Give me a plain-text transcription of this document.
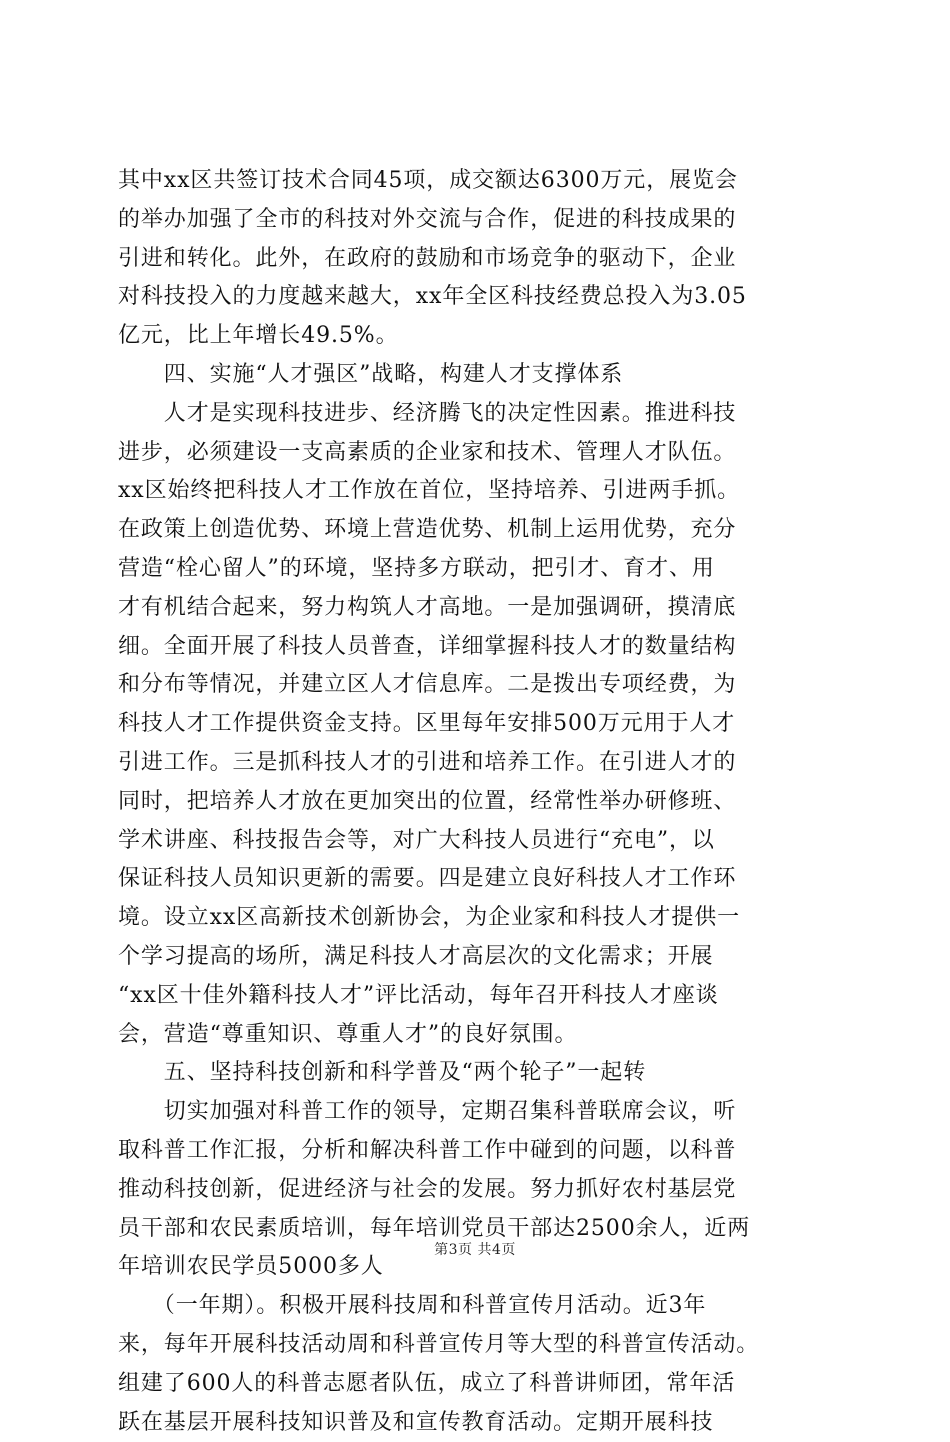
其中xx区共签订技术合同45项，成交额达6300万元，展览会
的举办加强了全市的科技对外交流与合作，促进的科技成果的
引进和转化。此外，在政府的鼓励和市场竞争的驱动下，企业
对科技投入的力度越来越大，xx年全区科技经费总投入为3.05
亿元，比上年增长49.5%。
　　四、实施“人才强区”战略，构建人才支撑体系
　　人才是实现科技进步、经济腾飞的决定性因素。推进科技
进步，必须建设一支高素质的企业家和技术、管理人才队伍。
xx区始终把科技人才工作放在首位，坚持培养、引进两手抓。
在政策上创造优势、环境上营造优势、机制上运用优势，充分
营造“栓心留人”的环境，坚持多方联动，把引才、育才、用
才有机结合起来，努力构筑人才高地。一是加强调研，摸清底
细。全面开展了科技人员普查，详细掌握科技人才的数量结构
和分布等情况，并建立区人才信息库。二是拨出专项经费，为
科技人才工作提供资金支持。区里每年安排500万元用于人才
引进工作。三是抓科技人才的引进和培养工作。在引进人才的
同时，把培养人才放在更加突出的位置，经常性举办研修班、
学术讲座、科技报告会等，对广大科技人员进行“充电”，以
保证科技人员知识更新的需要。四是建立良好科技人才工作环
境。设立xx区高新技术创新协会，为企业家和科技人才提供一
个学习提高的场所，满足科技人才高层次的文化需求；开展
“xx区十佳外籍科技人才”评比活动，每年召开科技人才座谈
会，营造“尊重知识、尊重人才”的良好氛围。
　　五、坚持科技创新和科学普及“两个轮子”一起转
　　切实加强对科普工作的领导，定期召集科普联席会议，听
取科普工作汇报，分析和解决科普工作中碰到的问题，以科普
推动科技创新，促进经济与社会的发展。努力抓好农村基层党
员干部和农民素质培训，每年培训党员干部达2500余人，近两
年培训农民学员5000多人
　　（一年期）。积极开展科技周和科普宣传月活动。近3年
来，每年开展科技活动周和科普宣传月等大型的科普宣传活动。
组建了600人的科普志愿者队伍，成立了科普讲师团，常年活
跃在基层开展科技知识普及和宣传教育活动。定期开展科技
第3页 共4页
